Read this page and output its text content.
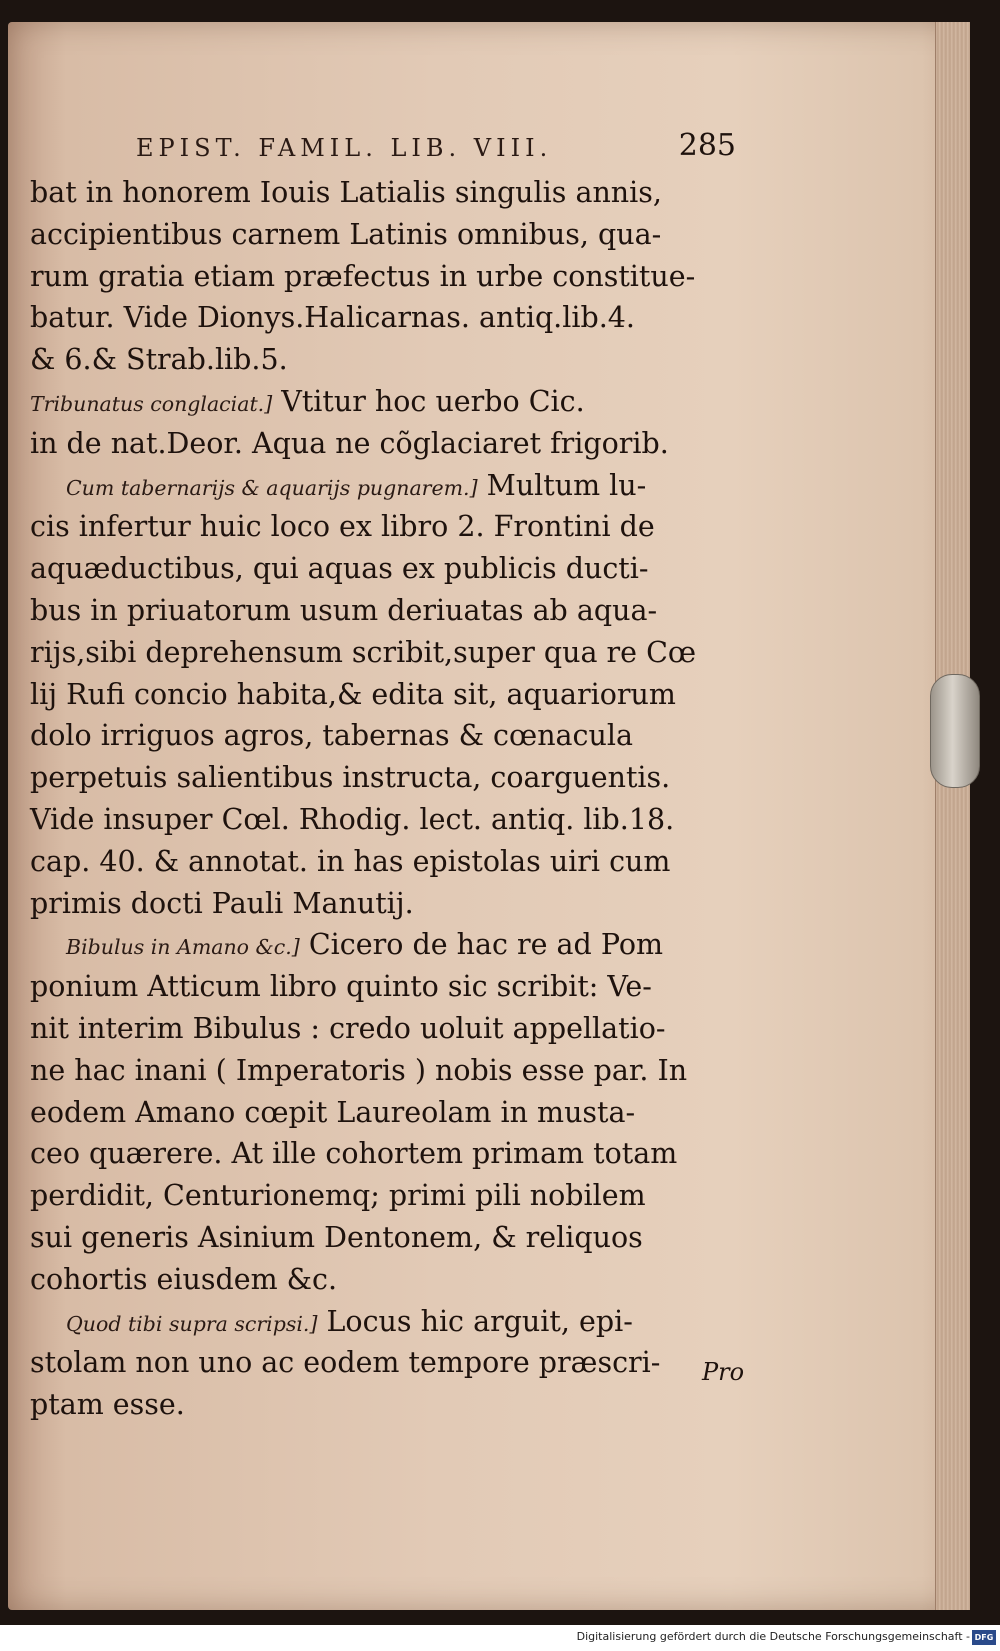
EPIST. FAMIL. LIB. VIII.	285
bat in honorem Iouis Latialis singulis annis,
accipientibus carnem Latinis omnibus, qua-
rum gratia etiam præfectus in urbe constitue-
batur. Vide Dionys.Halicarnas. antiq.lib.4.
& 6.& Strab.lib.5.
Tribunatus conglaciat.] Vtitur hoc uerbo Cic.
in de nat.Deor. Aqua ne cõglaciaret frigorib.
Cum tabernarijs & aquarijs pugnarem.] Multum lu-
cis infertur huic loco ex libro 2. Frontini de
aquæductibus, qui aquas ex publicis ducti-
bus in priuatorum usum deriuatas ab aqua-
rijs,sibi deprehensum scribit,super qua re Cœ
lij Rufi concio habita,& edita sit, aquariorum
dolo irriguos agros, tabernas & cœnacula
perpetuis salientibus instructa, coarguentis.
Vide insuper Cœl. Rhodig. lect. antiq. lib.18.
cap. 40. & annotat. in has epistolas uiri cum
primis docti Pauli Manutij.
Bibulus in Amano &c.] Cicero de hac re ad Pom
ponium Atticum libro quinto sic scribit: Ve-
nit interim Bibulus : credo uoluit appellatio-
ne hac inani ( Imperatoris ) nobis esse par. In
eodem Amano cœpit Laureolam in musta-
ceo quærere. At ille cohortem primam totam
perdidit, Centurionemq; primi pili nobilem
sui generis Asinium Dentonem, & reliquos
cohortis eiusdem &c.
Quod tibi supra scripsi.] Locus hic arguit, epi-
stolam non uno ac eodem tempore præscri-
ptam esse.
Pro
Digitalisierung gefördert durch die Deutsche Forschungsgemeinschaft - DFG
